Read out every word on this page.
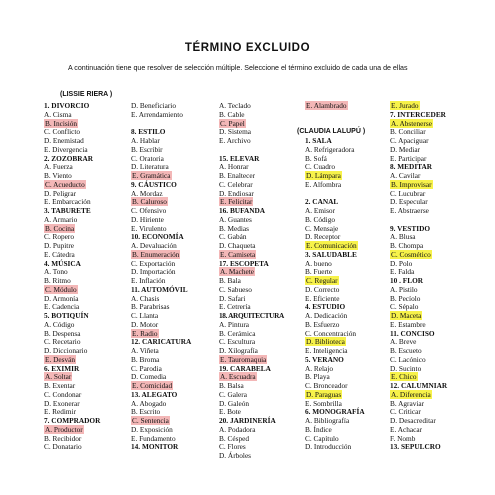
TÉRMINO EXCLUIDO
A continuación tiene que resolver de selección múltiple. Seleccione el término excluido de cada una de ellas
(LISSIE RIERA )
(CLAUDIA LALUPÚ )
1. DIVORCIO
A. Cisma
B. Incisión
C. Conflicto
D. Enemistad
E. Divergencia
2. ZOZOBRAR
A. Fuerza
B. Viento
C. Acueducto
D. Peligrar
E. Embarcación
3. TABURETE
A. Armario
B. Cocina
C. Ropero
D. Pupitre
E. Cátedra
4. MÚSICA
A. Tono
B. Ritmo
C. Módulo
D. Armonía
E. Cadencia
5. BOTIQUÍN
A. Código
B. Despensa
C. Recetario
D. Diccionario
E. Desván
6. EXIMIR
A. Soltar
B. Exentar
C. Condonar
D. Exonerar
E. Redimir
7. COMPRADOR
A. Productor
B. Recibidor
C. Donatario
D. Beneficiario
E. Arrendamiento
8. ESTILO
A. Hablar
B. Escribir
C. Oratoria
D. Literatura
E. Gramática
9. CÁUSTICO
A. Mordaz
B. Caluroso
C. Ofensivo
D. Hiriente
E. Virulento
10. ECONOMÍA
A. Devaluación
B. Enumeración
C. Exportación
D. Importación
E. Inflación
11. AUTOMÓVIL
A. Chasis
B. Parabrisas
C. Llanta
D. Motor
E. Radio
12. CARICATURA
A. Viñeta
B. Broma
C. Parodia
D. Comedia
E. Comicidad
13. ALEGATO
A. Abogado
B. Escrito
C. Sentencia
D. Exposición
E. Fundamento
14. MONITOR
A. Teclado
B. Cable
C. Papel
D. Sistema
E. Archivo
15. ELEVAR
A. Honrar
B. Enaltecer
C. Celebrar
D. Endiosar
E. Felicitar
16. BUFANDA
A. Guantes
B. Medias
C. Gabán
D. Chaqueta
E. Camiseta
17. ESCOPETA
A. Machete
B. Bala
C. Sabueso
D. Safari
E. Cetrería
18. ARQUITECTURA
A. Pintura
B. Cerámica
C. Escultura
D. Xilografía
E. Tauromaquia
19. CARABELA
A. Escuadra
B. Balsa
C. Galera
D. Galeón
E. Bote
20. JARDINERÍA
A. Podadora
B. Césped
C. Flores
D. Árboles
E. Alambrado
1. SALA
A. Refrigeradora
B. Sofá
C. Cuadro
D. Lámpara
E. Alfombra
2. CANAL
A. Emisor
B. Código
C. Mensaje
D. Receptor
E. Comunicación
3. SALUDABLE
A. bueno
B. Fuerte
C. Regular
D. Correcto
E. Eficiente
4. ESTUDIO
A. Dedicación
B. Esfuerzo
C. Concentración
D. Biblioteca
E. Inteligencia
5. VERANO
A. Relajo
B. Playa
C. Bronceador
D. Paraguas
E. Sombrilla
6. MONOGRAFÍA
A. Bibliografía
B. Índice
C. Capítulo
D. Introducción
E. Jurado
7. INTERCEDER
A. Abstenerse
B. Conciliar
C. Apaciguar
D. Mediar
E. Participar
8. MEDITAR
A. Cavilar
B. Improvisar
C. Lucubrar
D. Especular
E. Abstraerse
9. VESTIDO
A. Blusa
B. Chompa
C. Cosmético
D. Polo
E. Falda
10 . FLOR
A. Pistilo
B. Pecíolo
C. Sépalo
D. Maceta
E. Estambre
11. CONCISO
A. Breve
B. Escueto
C. Lacónico
D. Sucinto
E. Chico
12. CALUMNIAR
A. Diferencia
B. Agraviar
C. Criticar
D. Desacreditar
E. Achacar
F. Nomb
13. SEPULCRO
